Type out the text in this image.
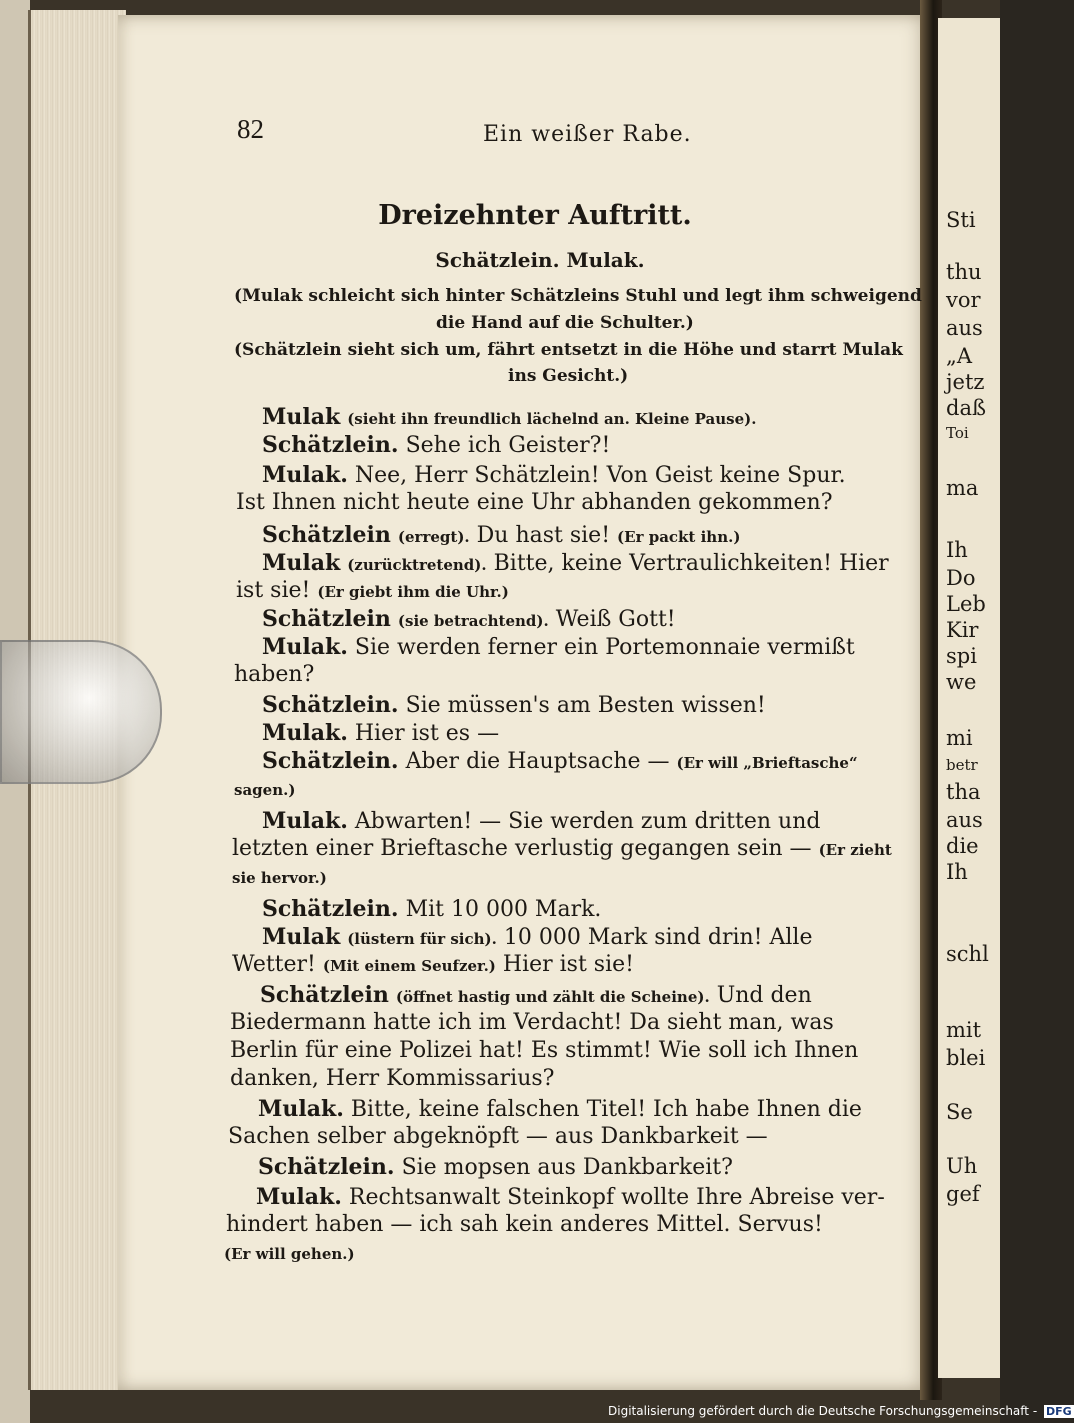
Sti
thu
vor
aus
„A
jetz
daß
Toi
ma
Ih
Do
Leb
Kir
spi
we
mi
betr
tha
aus
die
Ih
schl
mit
blei
Se
Uh
gef
82	Ein weißer Rabe.
Dreizehnter Auftritt.
Schätzlein. Mulak.
(Mulak schleicht sich hinter Schätzleins Stuhl und legt ihm schweigend
die Hand auf die Schulter.)
(Schätzlein sieht sich um, fährt entsetzt in die Höhe und starrt Mulak
ins Gesicht.)
Mulak (sieht ihn freundlich lächelnd an. Kleine Pause).
Schätzlein. Sehe ich Geister?!
Mulak. Nee, Herr Schätzlein! Von Geist keine Spur.
Ist Ihnen nicht heute eine Uhr abhanden gekommen?
Schätzlein (erregt). Du hast sie! (Er packt ihn.)
Mulak (zurücktretend). Bitte, keine Vertraulichkeiten! Hier
ist sie! (Er giebt ihm die Uhr.)
Schätzlein (sie betrachtend). Weiß Gott!
Mulak. Sie werden ferner ein Portemonnaie vermißt
haben?
Schätzlein. Sie müssen's am Besten wissen!
Mulak. Hier ist es —
Schätzlein. Aber die Hauptsache — (Er will „Brieftasche“
sagen.)
Mulak. Abwarten! — Sie werden zum dritten und
letzten einer Brieftasche verlustig gegangen sein — (Er zieht
sie hervor.)
Schätzlein. Mit 10 000 Mark.
Mulak (lüstern für sich). 10 000 Mark sind drin! Alle
Wetter! (Mit einem Seufzer.) Hier ist sie!
Schätzlein (öffnet hastig und zählt die Scheine). Und den
Biedermann hatte ich im Verdacht! Da sieht man, was
Berlin für eine Polizei hat! Es stimmt! Wie soll ich Ihnen
danken, Herr Kommissarius?
Mulak. Bitte, keine falschen Titel! Ich habe Ihnen die
Sachen selber abgeknöpft — aus Dankbarkeit —
Schätzlein. Sie mopsen aus Dankbarkeit?
Mulak. Rechtsanwalt Steinkopf wollte Ihre Abreise ver-
hindert haben — ich sah kein anderes Mittel. Servus!
(Er will gehen.)
Digitalisierung gefördert durch die Deutsche Forschungsgemeinschaft - DFG
